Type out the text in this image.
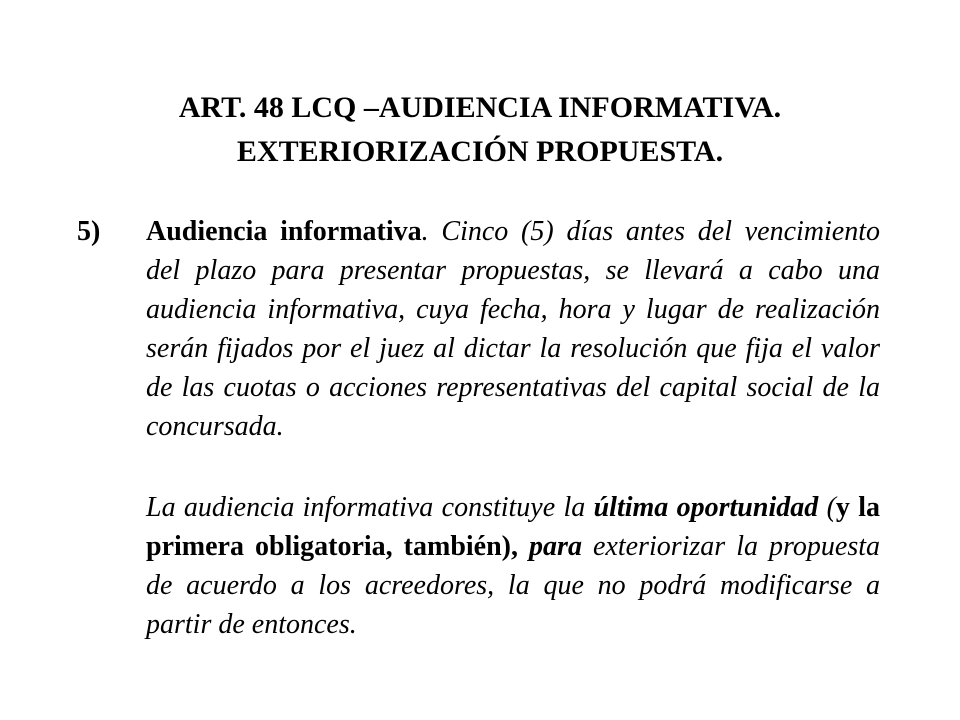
ART. 48 LCQ –AUDIENCIA INFORMATIVA.
EXTERIORIZACIÓN PROPUESTA.
5) Audiencia informativa. Cinco (5) días antes del vencimiento del plazo para presentar propuestas, se llevará a cabo una audiencia informativa, cuya fecha, hora y lugar de realización serán fijados por el juez al dictar la resolución que fija el valor de las cuotas o acciones representativas del capital social de la concursada.
La audiencia informativa constituye la última oportunidad (y la primera obligatoria, también), para exteriorizar la propuesta de acuerdo a los acreedores, la que no podrá modificarse a partir de entonces.
